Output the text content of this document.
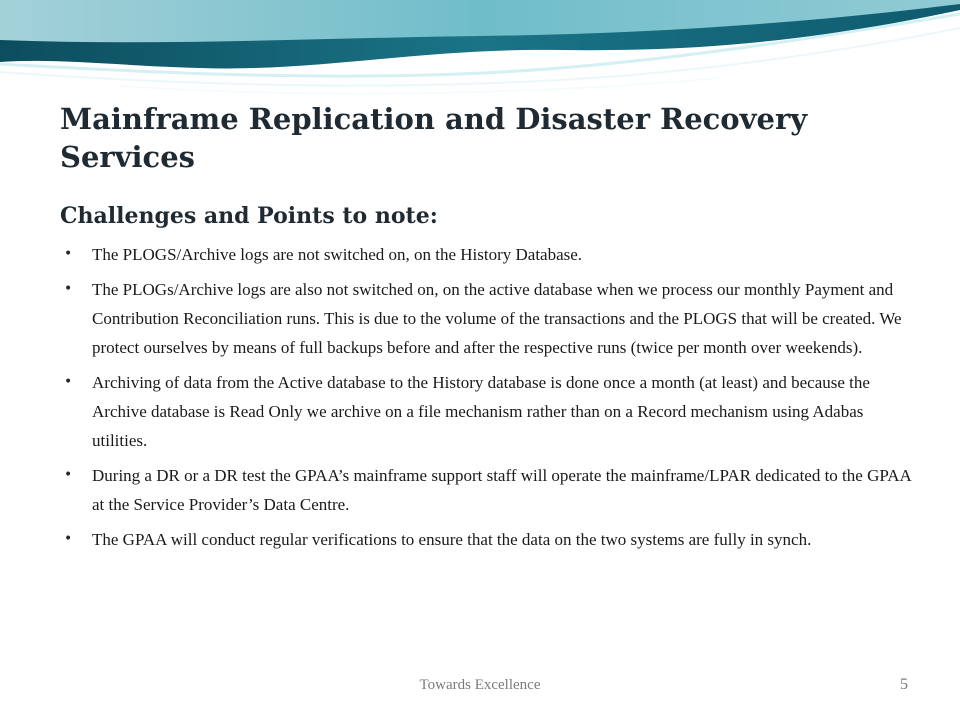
Mainframe Replication and Disaster Recovery Services
Challenges and Points to note:
• The PLOGS/Archive logs are not switched on, on the History Database.
• The PLOGs/Archive logs are also not switched on, on the active database when we process our monthly Payment and Contribution Reconciliation runs. This is due to the volume of the transactions and the PLOGS that will be created. We protect ourselves by means of full backups before and after the respective runs (twice per month over weekends).
• Archiving of data from the Active database to the History database is done once a month (at least) and because the Archive database is Read Only we archive on a file mechanism rather than on a Record mechanism using Adabas utilities.
• During a DR or a DR test the GPAA’s mainframe support staff will operate the mainframe/LPAR dedicated to the GPAA at the Service Provider’s Data Centre.
• The GPAA will conduct regular verifications to ensure that the data on the two systems are fully in synch.
Towards Excellence	5
